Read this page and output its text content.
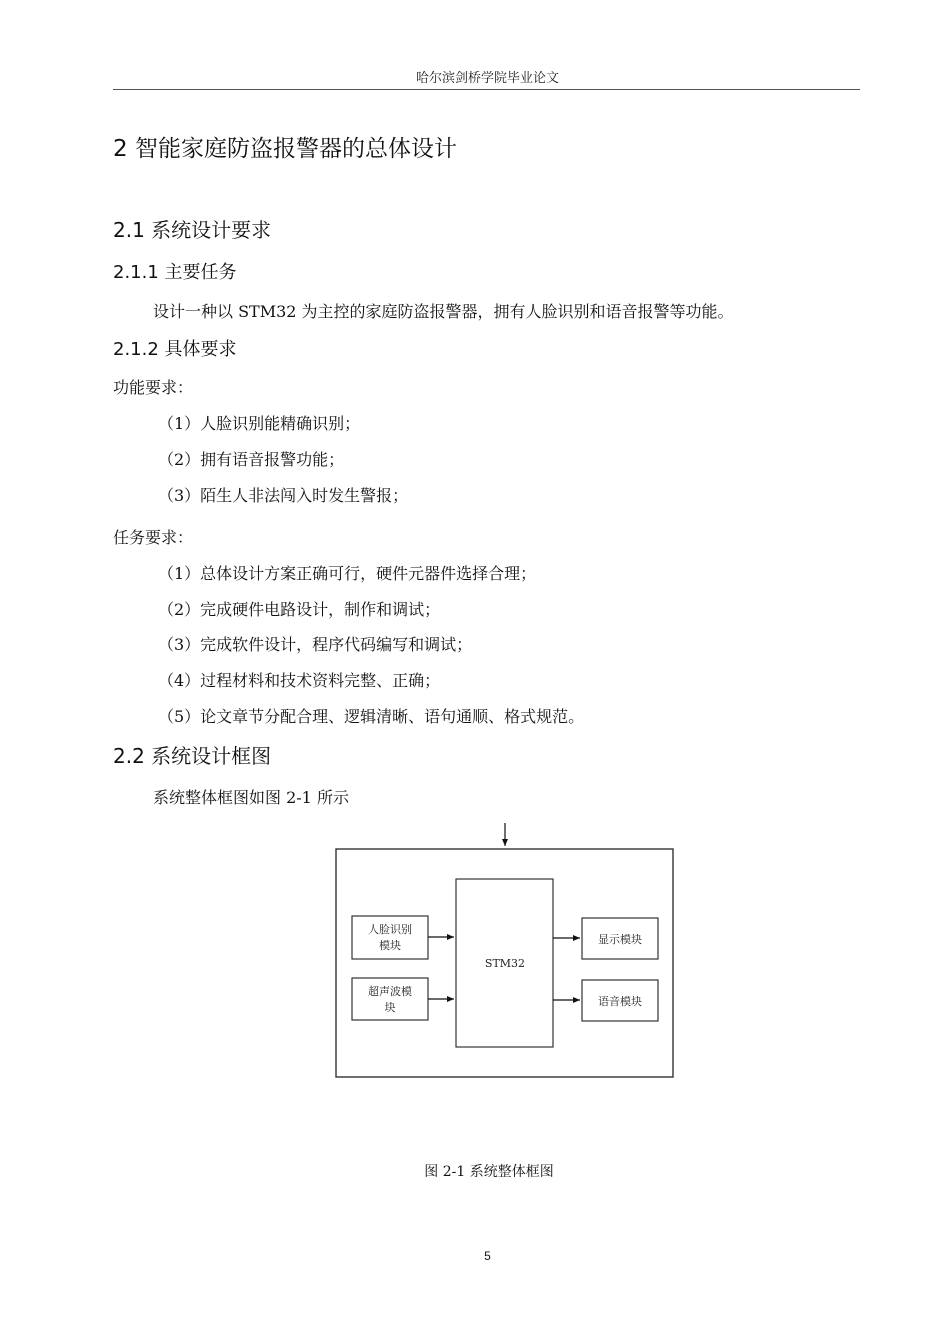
哈尔滨剑桥学院毕业论文
2 智能家庭防盗报警器的总体设计
2.1 系统设计要求
2.1.1 主要任务
设计一种以 STM32 为主控的家庭防盗报警器，拥有人脸识别和语音报警等功能。
2.1.2 具体要求
功能要求：
（1）人脸识别能精确识别；
（2）拥有语音报警功能；
（3）陌生人非法闯入时发生警报；
任务要求：
（1）总体设计方案正确可行，硬件元器件选择合理；
（2）完成硬件电路设计，制作和调试；
（3）完成软件设计，程序代码编写和调试；
（4）过程材料和技术资料完整、正确；
（5）论文章节分配合理、逻辑清晰、语句通顺、格式规范。
2.2 系统设计框图
系统整体框图如图 2-1 所示
STM32
人脸识别
模块
超声波模
块
显示模块
语音模块
图 2-1 系统整体框图
5
